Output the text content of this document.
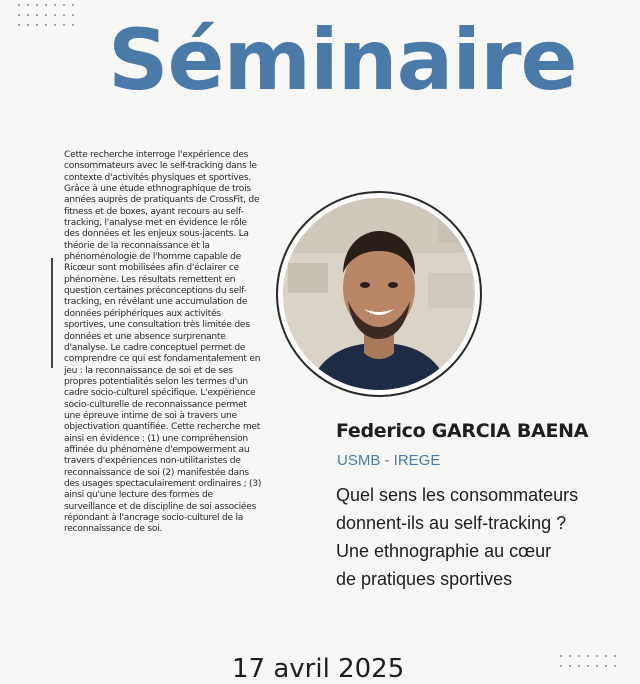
Séminaire
Cette recherche interroge l'expérience des consommateurs avec le self-tracking dans le contexte d'activités physiques et sportives. Grâce à une étude ethnographique de trois années auprès de pratiquants de CrossFit, de fitness et de boxes, ayant recours au self-tracking, l'analyse met en évidence le rôle des données et les enjeux sous-jacents. La théorie de la reconnaissance et la phénoménologie de l'homme capable de Ricœur sont mobilisées afin d'éclairer ce phénomène. Les résultats remettent en question certaines préconceptions du self-tracking, en révélant une accumulation de données périphériques aux activités sportives, une consultation très limitée des données et une absence surprenante d'analyse. Le cadre conceptuel permet de comprendre ce qui est fondamentalement en jeu : la reconnaissance de soi et de ses propres potentialités selon les termes d'un cadre socio-culturel spécifique. L'expérience socio-culturelle de reconnaissance permet une épreuve intime de soi à travers une objectivation quantifiée. Cette recherche met ainsi en évidence : (1) une compréhension affinée du phénomène d'empowerment au travers d'expériences non-utilitaristes de reconnaissance de soi (2) manifestée dans des usages spectaculairement ordinaires ; (3) ainsi qu'une lecture des formes de surveillance et de discipline de soi associées répondant à l'ancrage socio-culturel de la reconnaissance de soi.
Federico GARCIA BAENA
USMB - IREGE
Quel sens les consommateurs
donnent-ils au self-tracking ?
Une ethnographie au cœur
de pratiques sportives
17 avril 2025
